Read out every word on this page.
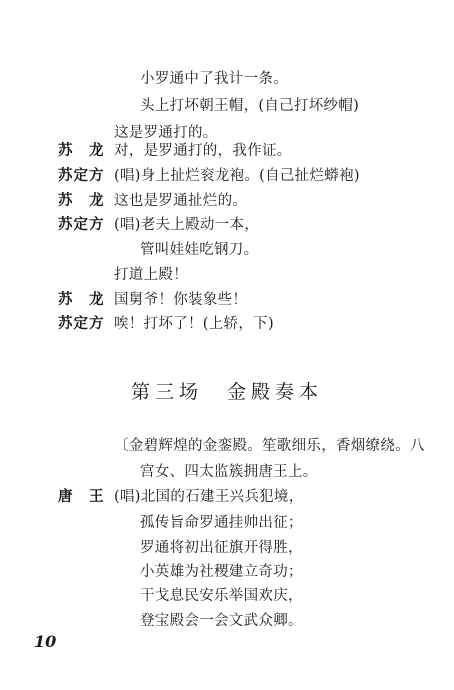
小罗通中了我计一条。
头上打坏朝王帽，(自己打坏纱帽)
这是罗通打的。
苏　龙 对，是罗通打的，我作证。
苏定方 (唱)身上扯烂衮龙袍。(自己扯烂蟒袍)
苏　龙 这也是罗通扯烂的。
苏定方 (唱)老夫上殿动一本，
管叫娃娃吃钢刀。
打道上殿！
苏　龙 国舅爷！你装象些！
苏定方 唉！打坏了！(上轿，下)
第三场　金殿奏本
〔金碧辉煌的金銮殿。笙歌细乐，香烟缭绕。八
宫女、四太监簇拥唐王上。
唐　王 (唱)北国的石建王兴兵犯境，
孤传旨命罗通挂帅出征；
罗通将初出征旗开得胜，
小英雄为社稷建立奇功；
干戈息民安乐举国欢庆，
登宝殿会一会文武众卿。
10
